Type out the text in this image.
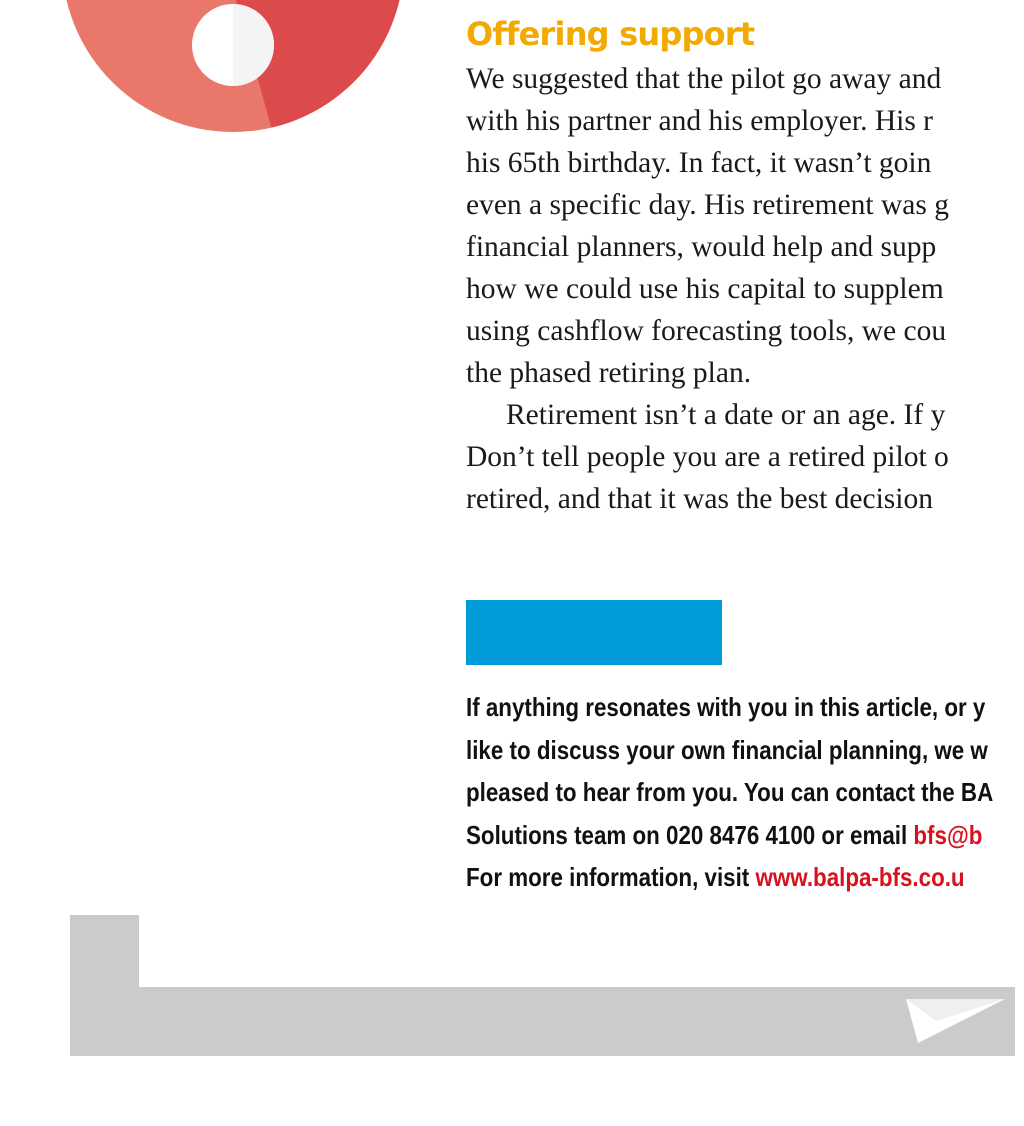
Offering support
We suggested that the pilot go away and
with his partner and his employer. His r
his 65th birthday. In fact, it wasn’t goin
even a specific day. His retirement was g
financial planners, would help and supp
how we could use his capital to supplem
using cashflow forecasting tools, we cou
the phased retiring plan.
Retirement isn’t a date or an age. If y
Don’t tell people you are a retired pilot o
retired, and that it was the best decision
If anything resonates with you in this article, or y
like to discuss your own financial planning, we w
pleased to hear from you. You can contact the BA
Solutions team on 020 8476 4100 or email bfs@b
For more information, visit www.balpa-bfs.co.u
